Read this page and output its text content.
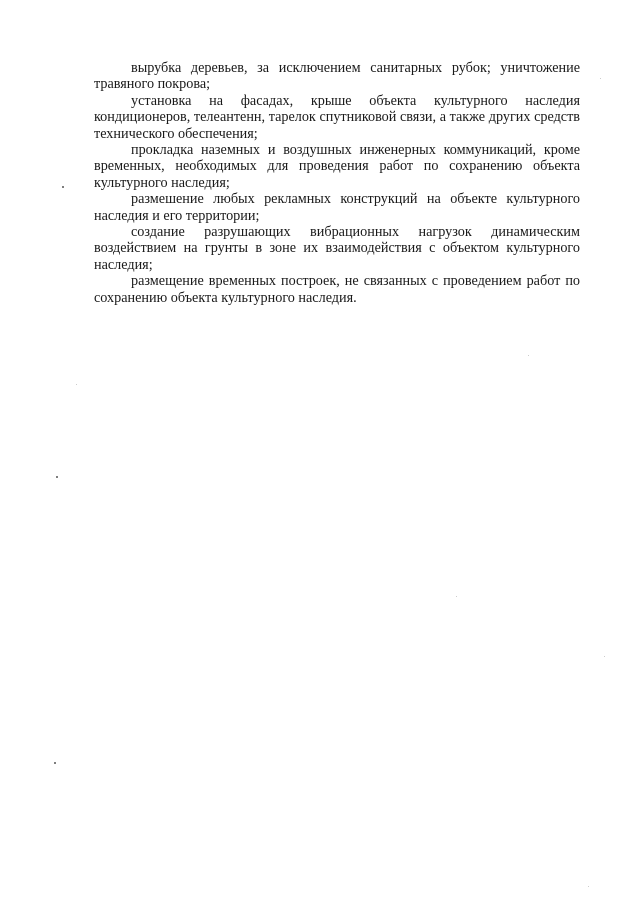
вырубка деревьев, за исключением санитарных рубок; уничтожение травяного покрова;

установка на фасадах, крыше объекта культурного наследия кондиционеров, телеантенн, тарелок спутниковой связи, а также других средств технического обеспечения;

прокладка наземных и воздушных инженерных коммуникаций, кроме временных, необходимых для проведения работ по сохранению объекта культурного наследия;

размешение любых рекламных конструкций на объекте культурного наследия и его территории;

создание разрушающих вибрационных нагрузок динамическим воздействием на грунты в зоне их взаимодействия с объектом культурного наследия;

размещение временных построек, не связанных с проведением работ по сохранению объекта культурного наследия.
